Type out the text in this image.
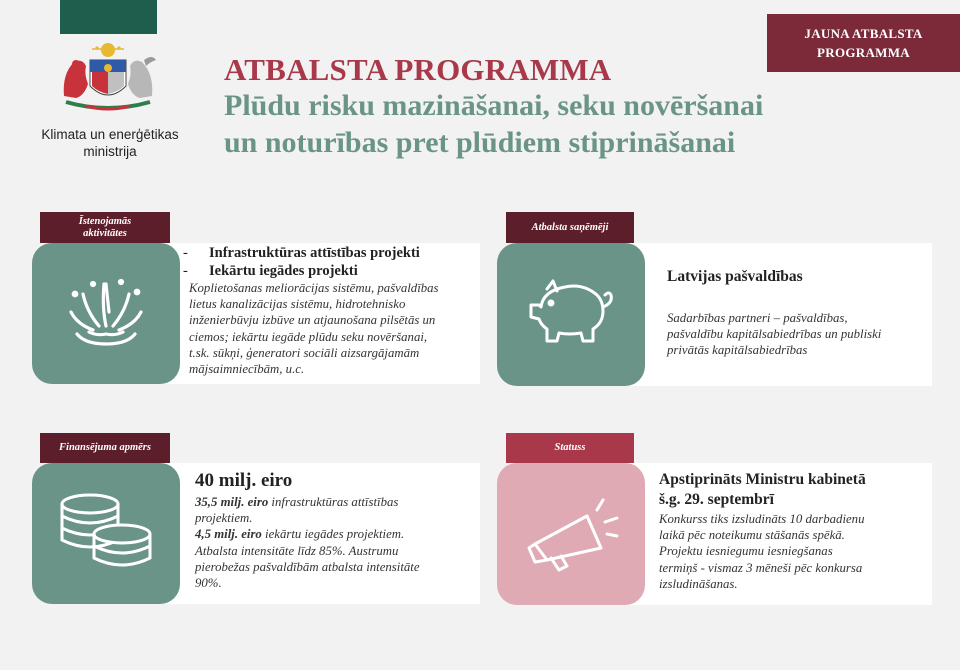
Klimata un enerģētikas
ministrija
JAUNA ATBALSTA
PROGRAMMA
ATBALSTA PROGRAMMA
Plūdu risku mazināšanai, seku novēršanai
un noturības pret plūdiem stiprināšanai
Īstenojamās
aktivitātes
- Infrastruktūras attīstības projekti
- Iekārtu iegādes projekti
Koplietošanas meliorācijas sistēmu, pašvaldības
lietus kanalizācijas sistēmu, hidrotehnisko
inženierbūvju izbūve un atjaunošana pilsētās un
ciemos; iekārtu iegāde plūdu seku novēršanai,
t.sk. sūkņi, ģeneratori sociāli aizsargājamām
mājsaimniecībām, u.c.
Atbalsta saņēmēji
Latvijas pašvaldības
Sadarbības partneri – pašvaldības,
pašvaldību kapitālsabiedrības un publiski
privātās kapitālsabiedrības
Finansējuma apmērs
40 milj. eiro
35,5 milj. eiro infrastruktūras attīstības
projektiem.
4,5 milj. eiro iekārtu iegādes projektiem.
Atbalsta intensitāte līdz 85%. Austrumu
pierobežas pašvaldībām atbalsta intensitāte
90%.
Statuss
Apstiprināts Ministru kabinetā
š.g. 29. septembrī
Konkurss tiks izsludināts 10 darbadienu
laikā pēc noteikumu stāšanās spēkā.
Projektu iesniegumu iesniegšanas
termiņš - vismaz 3 mēneši pēc konkursa
izsludināšanas.
